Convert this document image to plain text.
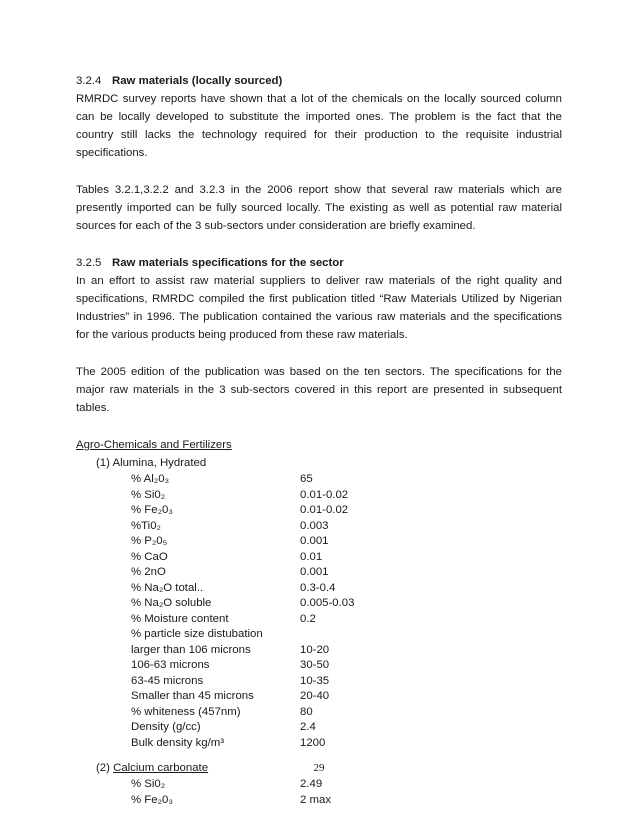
3.2.4 Raw materials (locally sourced)
RMRDC survey reports have shown that a lot of the chemicals on the locally sourced column
can be locally developed to substitute the imported ones. The problem is the fact that the
country still lacks the technology required for their production to the requisite industrial
specifications.
Tables 3.2.1,3.2.2 and 3.2.3 in the 2006 report show that several raw materials which are
presently imported can be fully sourced locally. The existing as well as potential raw material
sources for each of the 3 sub-sectors under consideration are briefly examined.
3.2.5 Raw materials specifications for the sector
In an effort to assist raw material suppliers to deliver raw materials of the right quality and
specifications, RMRDC compiled the first publication titled “Raw Materials Utilized by Nigerian
Industries” in 1996. The publication contained the various raw materials and the specifications
for the various products being produced from these raw materials.
The 2005 edition of the publication was based on the ten sectors. The specifications for the
major raw materials in the 3 sub-sectors covered in this report are presented in subsequent
tables.
Agro-Chemicals and Fertilizers
(1) Alumina, Hydrated
% Al₂0₃	65
% Si0₂	0.01-0.02
% Fe₂0₃	0.01-0.02
%Ti0₂	0.003
% P₂0₅	0.001
% CaO	0.01
% 2nO	0.001
% Na₂O total..	0.3-0.4
% Na₂O soluble	0.005-0.03
% Moisture content	0.2
% particle size distubation
larger than 106 microns	10-20
106-63 microns	30-50
63-45 microns	10-35
Smaller than 45 microns	20-40
% whiteness (457nm)	80
Density (g/cc)	2.4
Bulk density kg/m³	1200
(2) Calcium carbonate
% Si0₂	2.49
% Fe₂0₃	2 max
29
